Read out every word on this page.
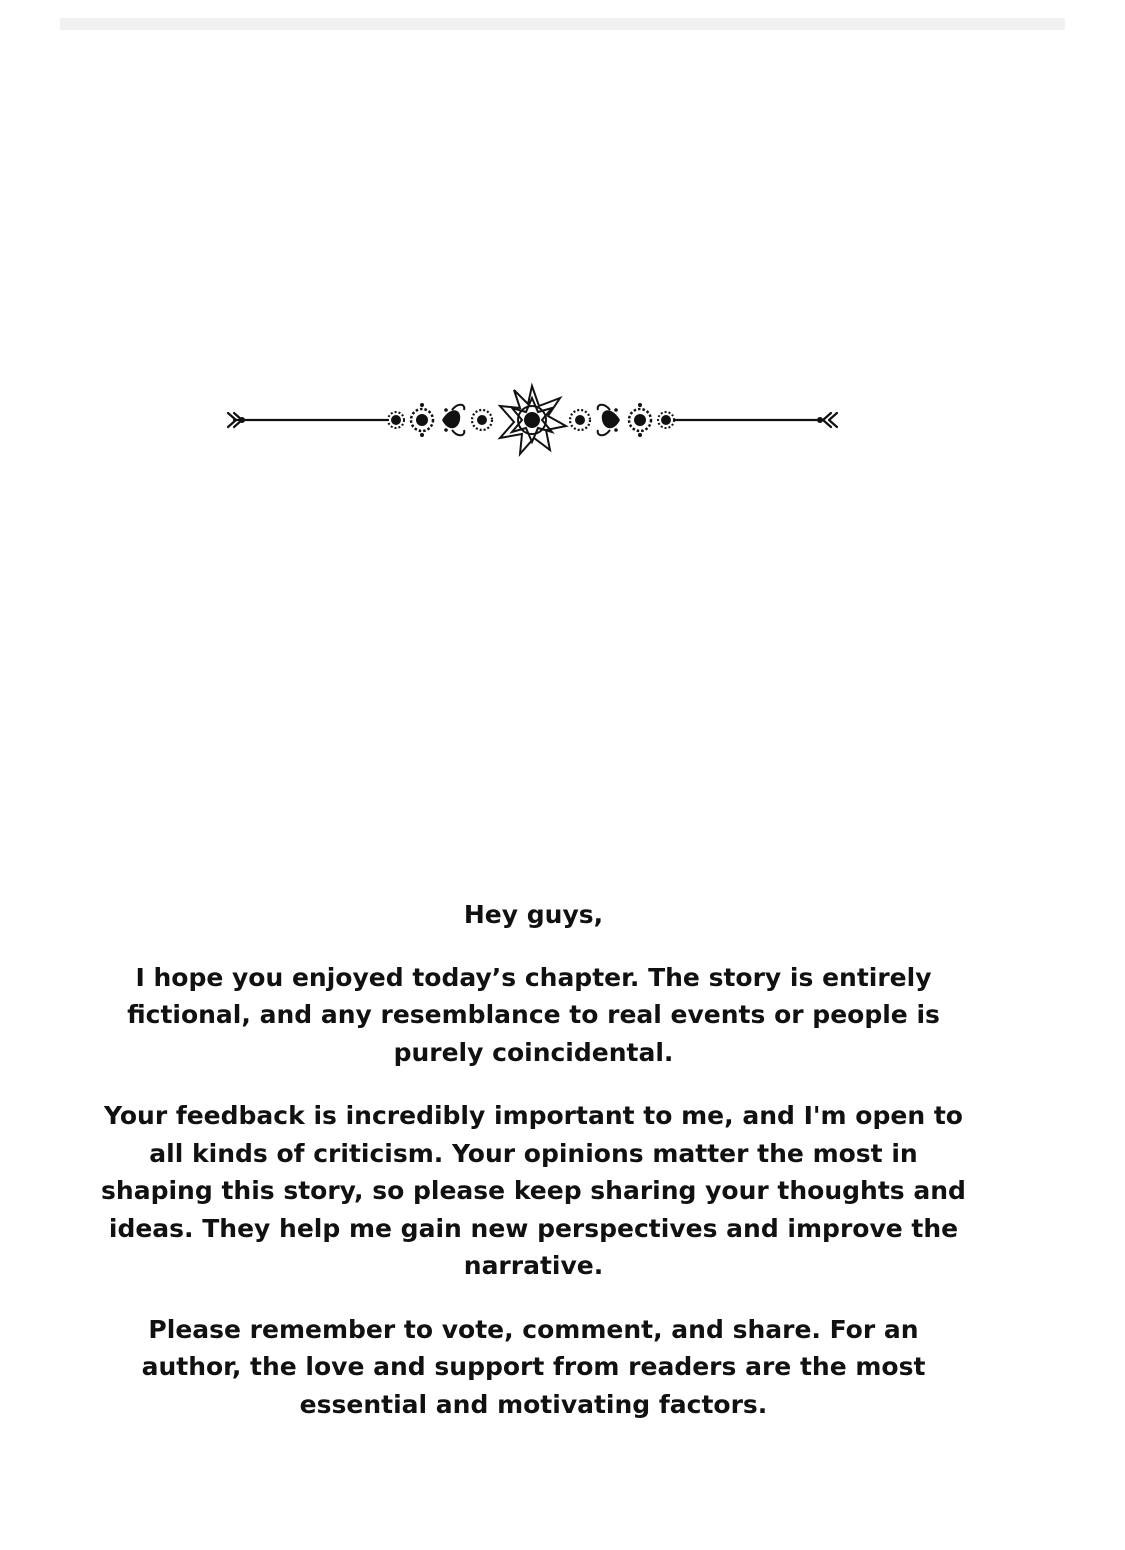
Hey guys,

I hope you enjoyed today’s chapter. The story is entirely fictional, and any resemblance to real events or people is purely coincidental.

Your feedback is incredibly important to me, and I'm open to all kinds of criticism. Your opinions matter the most in shaping this story, so please keep sharing your thoughts and ideas. They help me gain new perspectives and improve the narrative.

Please remember to vote, comment, and share. For an author, the love and support from readers are the most essential and motivating factors.
